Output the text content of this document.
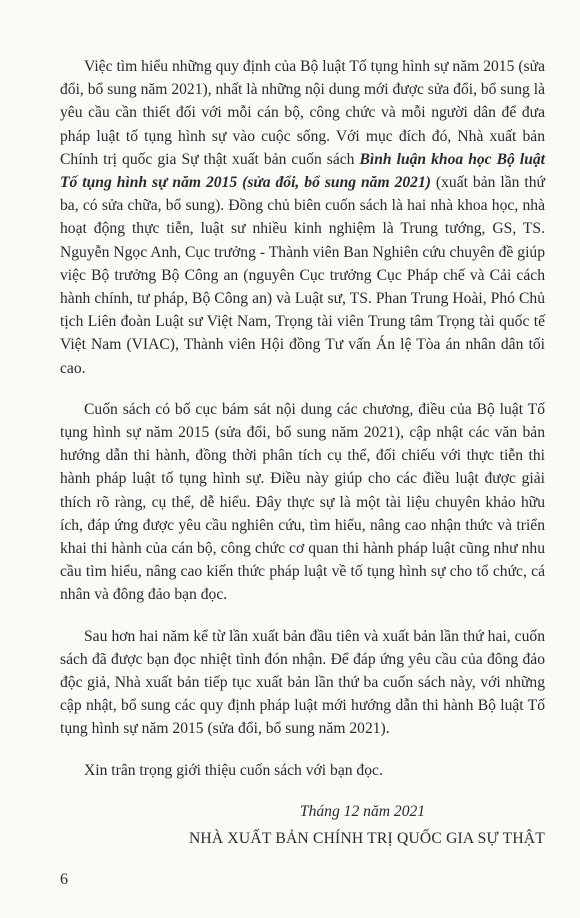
Việc tìm hiểu những quy định của Bộ luật Tố tụng hình sự năm 2015 (sửa đổi, bổ sung năm 2021), nhất là những nội dung mới được sửa đổi, bổ sung là yêu cầu cần thiết đối với mỗi cán bộ, công chức và mỗi người dân để đưa pháp luật tố tụng hình sự vào cuộc sống. Với mục đích đó, Nhà xuất bản Chính trị quốc gia Sự thật xuất bản cuốn sách Bình luận khoa học Bộ luật Tố tụng hình sự năm 2015 (sửa đổi, bổ sung năm 2021) (xuất bản lần thứ ba, có sửa chữa, bổ sung). Đồng chủ biên cuốn sách là hai nhà khoa học, nhà hoạt động thực tiễn, luật sư nhiều kinh nghiệm là Trung tướng, GS, TS. Nguyễn Ngọc Anh, Cục trưởng - Thành viên Ban Nghiên cứu chuyên đề giúp việc Bộ trưởng Bộ Công an (nguyên Cục trưởng Cục Pháp chế và Cải cách hành chính, tư pháp, Bộ Công an) và Luật sư, TS. Phan Trung Hoài, Phó Chủ tịch Liên đoàn Luật sư Việt Nam, Trọng tài viên Trung tâm Trọng tài quốc tế Việt Nam (VIAC), Thành viên Hội đồng Tư vấn Án lệ Tòa án nhân dân tối cao.

Cuốn sách có bố cục bám sát nội dung các chương, điều của Bộ luật Tố tụng hình sự năm 2015 (sửa đổi, bổ sung năm 2021), cập nhật các văn bản hướng dẫn thi hành, đồng thời phân tích cụ thể, đối chiếu với thực tiễn thi hành pháp luật tố tụng hình sự. Điều này giúp cho các điều luật được giải thích rõ ràng, cụ thể, dễ hiểu. Đây thực sự là một tài liệu chuyên khảo hữu ích, đáp ứng được yêu cầu nghiên cứu, tìm hiểu, nâng cao nhận thức và triển khai thi hành của cán bộ, công chức cơ quan thi hành pháp luật cũng như nhu cầu tìm hiểu, nâng cao kiến thức pháp luật về tố tụng hình sự cho tổ chức, cá nhân và đông đảo bạn đọc.

Sau hơn hai năm kể từ lần xuất bản đầu tiên và xuất bản lần thứ hai, cuốn sách đã được bạn đọc nhiệt tình đón nhận. Để đáp ứng yêu cầu của đông đảo độc giả, Nhà xuất bản tiếp tục xuất bản lần thứ ba cuốn sách này, với những cập nhật, bổ sung các quy định pháp luật mới hướng dẫn thi hành Bộ luật Tố tụng hình sự năm 2015 (sửa đổi, bổ sung năm 2021).

Xin trân trọng giới thiệu cuốn sách với bạn đọc.

Tháng 12 năm 2021
NHÀ XUẤT BẢN CHÍNH TRỊ QUỐC GIA SỰ THẬT
6
